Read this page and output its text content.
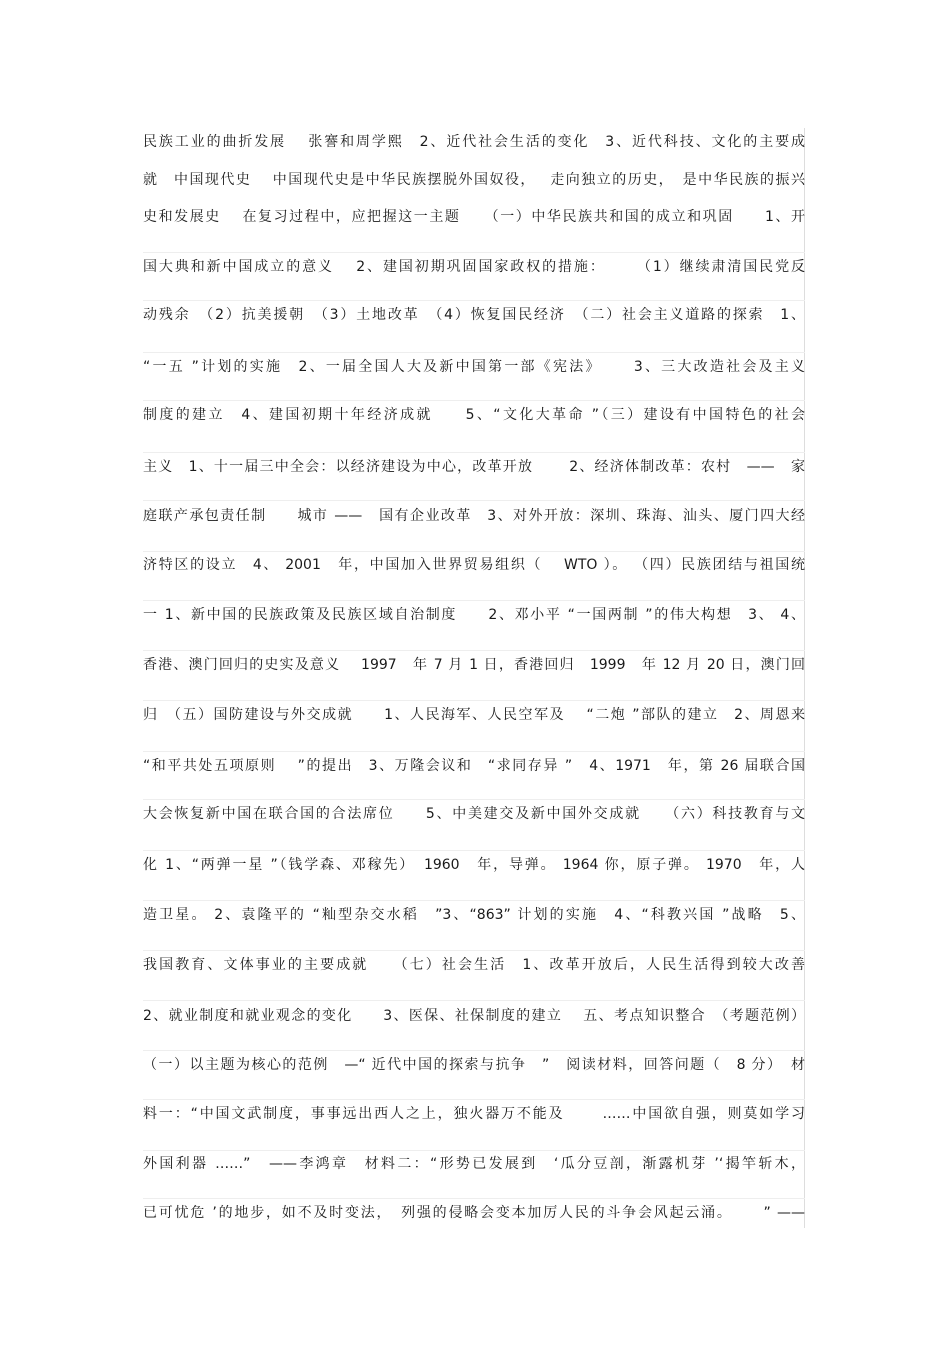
民族工业的曲折发展　 张謇和周学熙　2、近代社会生活的变化　3、近代科技、文化的主要成
就　中国现代史　 中国现代史是中华民族摆脱外国奴役，　 走向独立的历史，　是中华民族的振兴
史和发展史　 在复习过程中，应把握这一主题　　（一）中华民族共和国的成立和巩固　　1、开
国大典和新中国成立的意义　 2、建国初期巩固国家政权的措施：　　 （1）继续肃清国民党反
动残余　（2）抗美援朝　（3）土地改革　（4）恢复国民经济　（二）社会主义道路的探索　1、
“一五 ”计划的实施　2、一届全国人大及新中国第一部《宪法》　　 3、三大改造社会及主义
制度的建立　4、建国初期十年经济成就　　5、“文化大革命 ”（三）建设有中国特色的社会
主义　1、十一届三中全会：以经济建设为中心，改革开放　　 2、经济体制改革：农村　——　家
庭联产承包责任制　　城市 ——　国有企业改革　3、对外开放：深圳、珠海、汕头、厦门四大经
济特区的设立　4、 2001　年，中国加入世界贸易组织（　 WTO ）。 （四）民族团结与祖国统
一 1、新中国的民族政策及民族区域自治制度　　2、邓小平 “一国两制 ”的伟大构想　3、 4、
香港、澳门回归的史实及意义　 1997　年 7 月 1 日，香港回归　1999　年 12 月 20 日，澳门回
归　（五）国防建设与外交成就　　1、人民海军、人民空军及　 “二炮 ”部队的建立　2、周恩来
“和平共处五项原则　 ”的提出　3、万隆会议和　“求同存异 ”　4、1971　年，第 26 届联合国
大会恢复新中国在联合国的合法席位　　5、中美建交及新中国外交成就　　（六）科技教育与文
化 1、“两弹一星 ”（钱学森、邓稼先）　1960　年，导弹。 1964 你，原子弹。 1970　年，人
造卫星。 2、袁隆平的 “籼型杂交水稻　”3、“863” 计划的实施　4、“科教兴国 ”战略　5、
我国教育、文体事业的主要成就　　（七）社会生活　1、改革开放后，人民生活得到较大改善
2、就业制度和就业观念的变化　　3、医保、社保制度的建立　 五、考点知识整合　（考题范例）
（一）以主题为核心的范例　—“ 近代中国的探索与抗争　”　阅读材料，回答问题（　8 分）　材
料一：“中国文武制度，事事远出西人之上，独火器万不能及　　 ……中国欲自强，则莫如学习
外国利器 ……”　——李鸿章　材料二：“形势已发展到　‘瓜分豆剖，渐露机芽 ’‘揭竿斩木，
已可忧危 ’的地步，如不及时变法，　列强的侵略会变本加厉人民的斗争会风起云涌。　　 ” ——
